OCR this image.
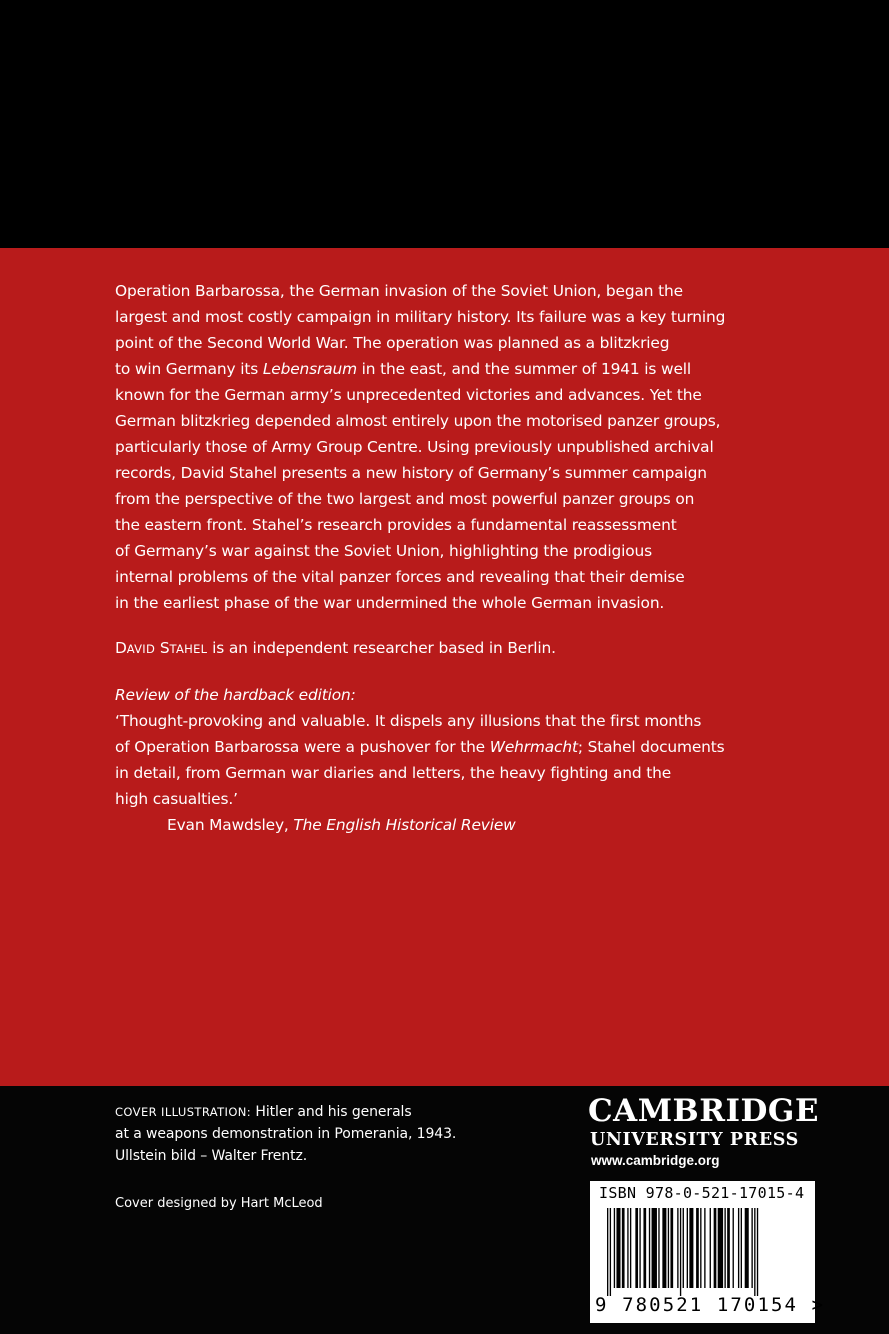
Operation Barbarossa, the German invasion of the Soviet Union, began the
largest and most costly campaign in military history. Its failure was a key turning
point of the Second World War. The operation was planned as a blitzkrieg
to win Germany its Lebensraum in the east, and the summer of 1941 is well
known for the German army’s unprecedented victories and advances. Yet the
German blitzkrieg depended almost entirely upon the motorised panzer groups,
particularly those of Army Group Centre. Using previously unpublished archival
records, David Stahel presents a new history of Germany’s summer campaign
from the perspective of the two largest and most powerful panzer groups on
the eastern front. Stahel’s research provides a fundamental reassessment
of Germany’s war against the Soviet Union, highlighting the prodigious
internal problems of the vital panzer forces and revealing that their demise
in the earliest phase of the war undermined the whole German invasion.

DAVID STAHEL is an independent researcher based in Berlin.

Review of the hardback edition:

‘Thought-provoking and valuable. It dispels any illusions that the first months
of Operation Barbarossa were a pushover for the Wehrmacht; Stahel documents
in detail, from German war diaries and letters, the heavy fighting and the
high casualties.’
Evan Mawdsley, The English Historical Review

COVER ILLUSTRATION: Hitler and his generals
at a weapons demonstration in Pomerania, 1943.
Ullstein bild – Walter Frentz.
Cover designed by Hart McLeod
CAMBRIDGE
UNIVERSITY PRESS
www.cambridge.org
ISBN 978-0-521-17015-4
9 780521 170154 >
